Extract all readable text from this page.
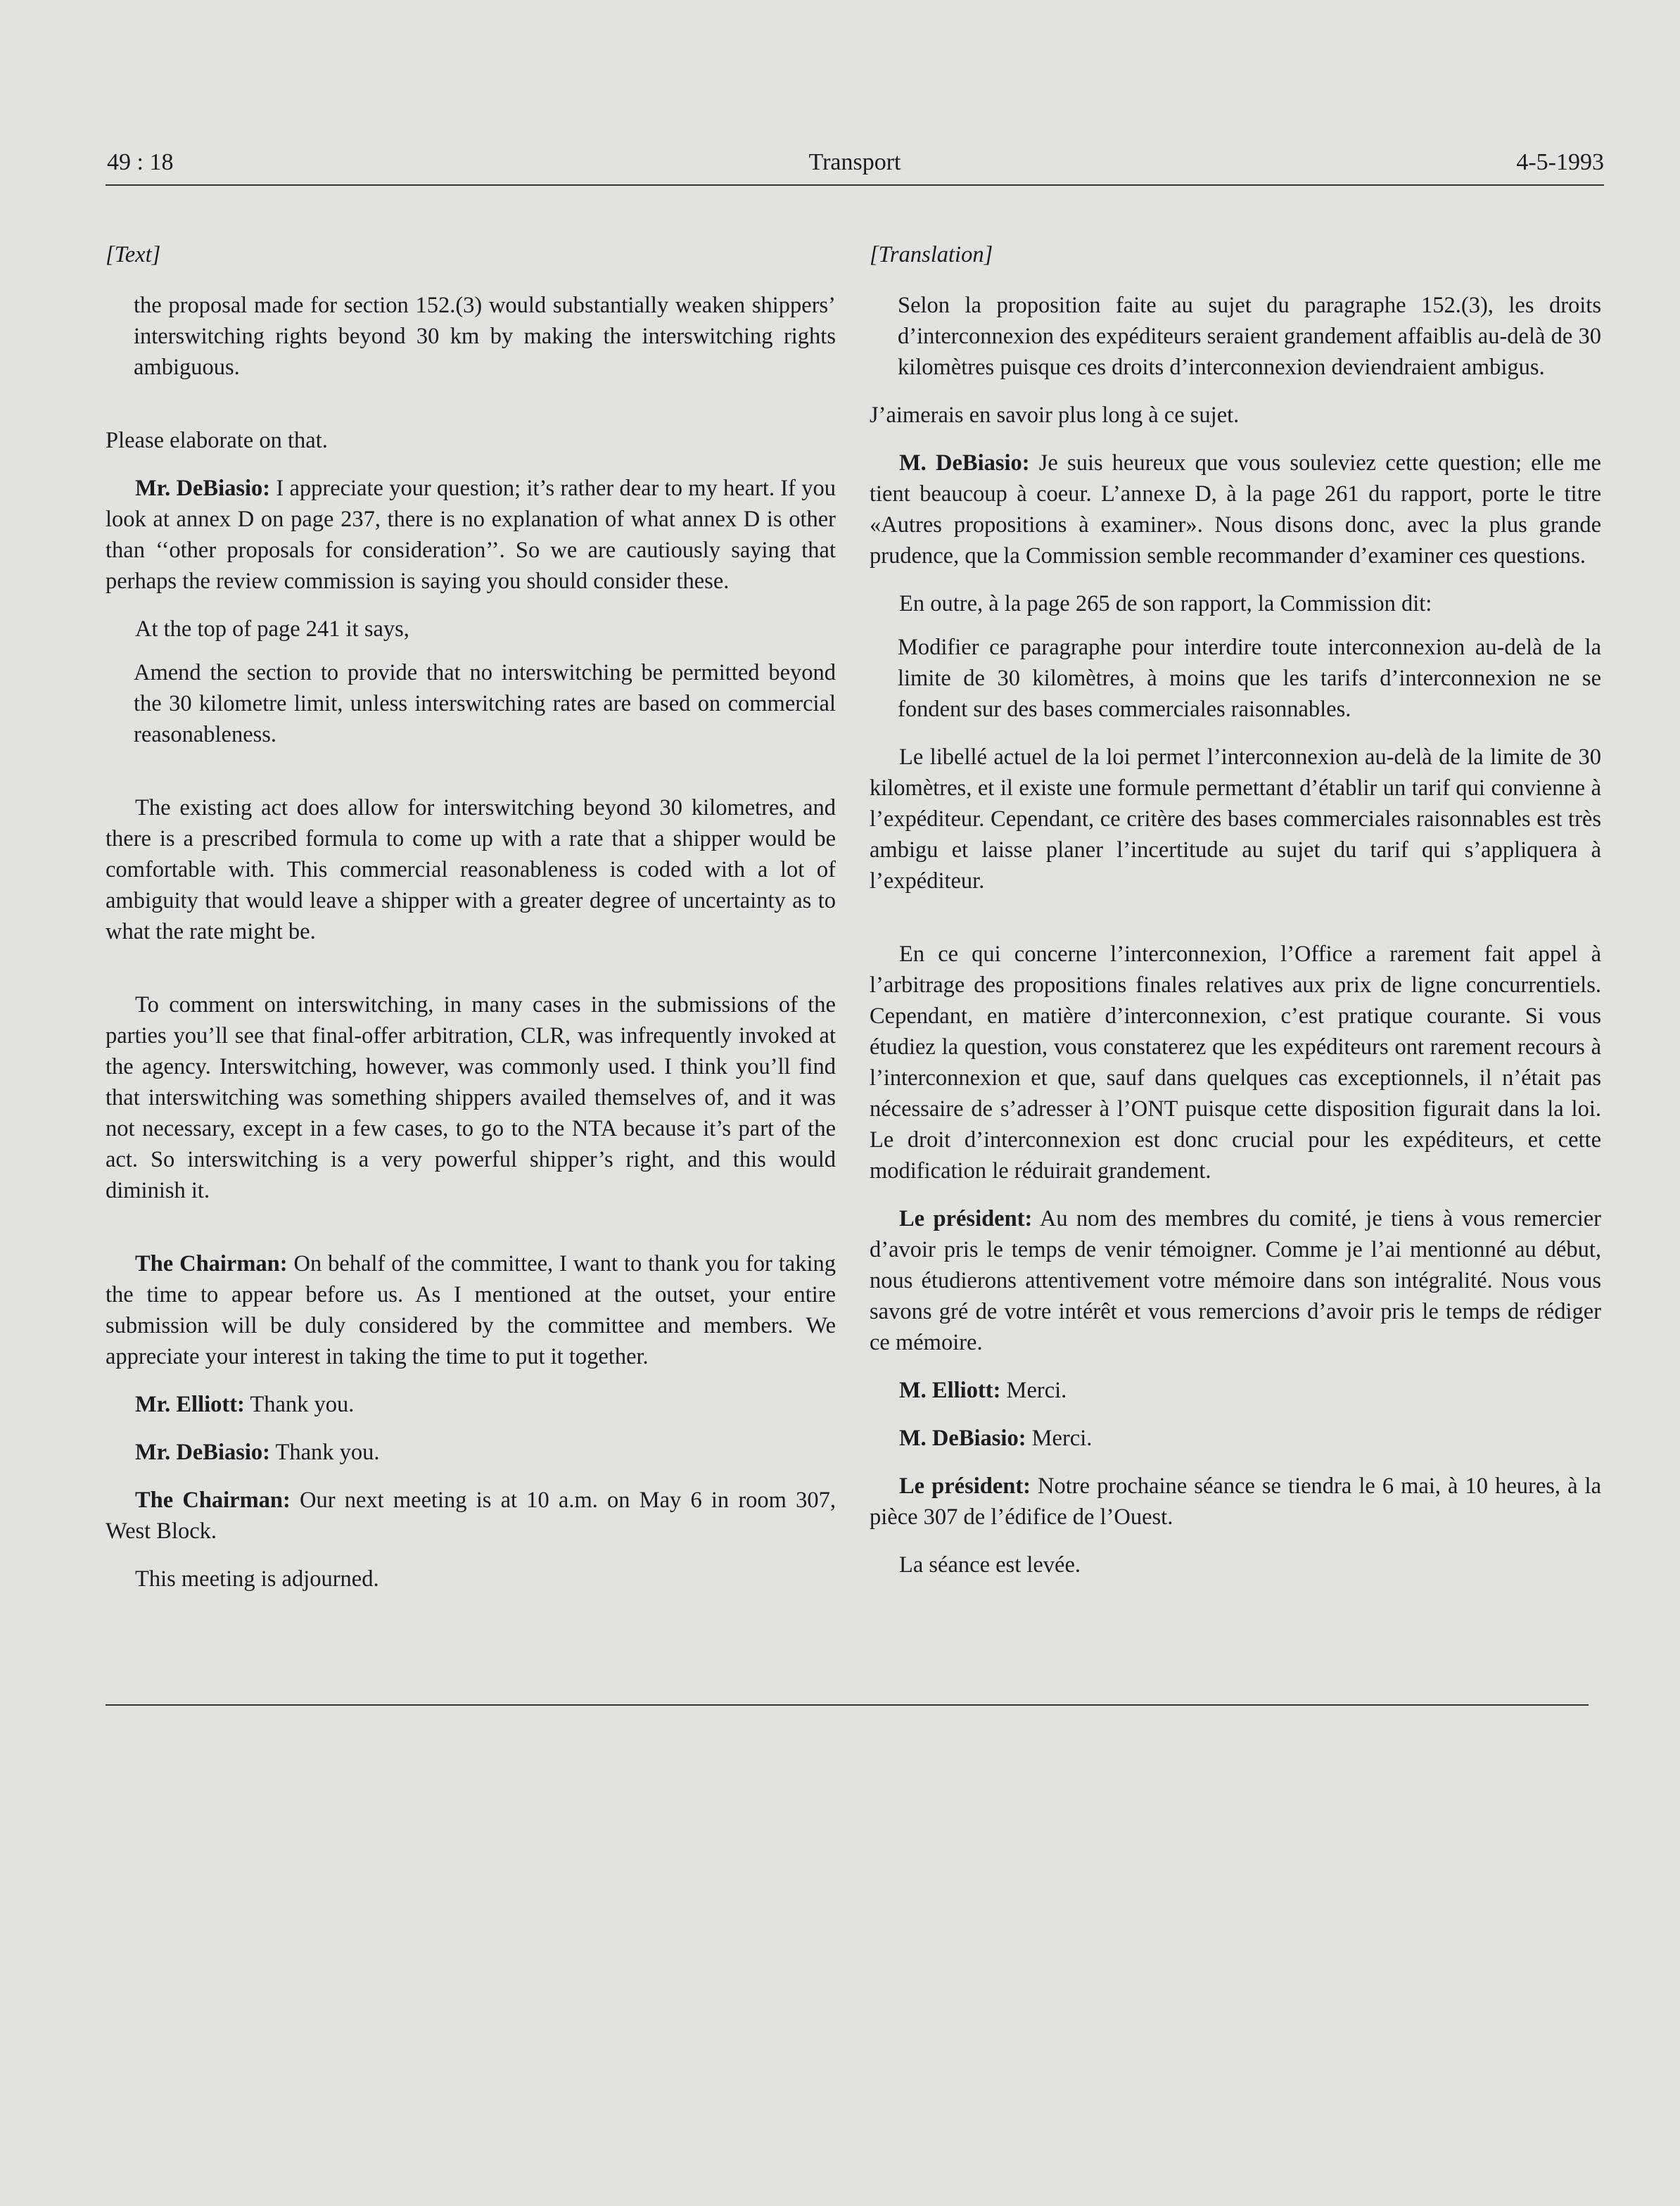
49 : 18	Transport	4-5-1993
[Text]

the proposal made for section 152.(3) would substantially weaken shippers’ interswitching rights beyond 30 km by making the interswitching rights ambiguous.

Please elaborate on that.

Mr. DeBiasio: I appreciate your question; it’s rather dear to my heart. If you look at annex D on page 237, there is no explanation of what annex D is other than ‘‘other proposals for consideration’’. So we are cautiously saying that perhaps the review commission is saying you should consider these.

At the top of page 241 it says,

Amend the section to provide that no interswitching be permitted beyond the 30 kilometre limit, unless interswitching rates are based on commercial reasonableness.

The existing act does allow for interswitching beyond 30 kilometres, and there is a prescribed formula to come up with a rate that a shipper would be comfortable with. This commercial reasonableness is coded with a lot of ambiguity that would leave a shipper with a greater degree of uncertainty as to what the rate might be.

To comment on interswitching, in many cases in the submissions of the parties you’ll see that final-offer arbitration, CLR, was infrequently invoked at the agency. Interswitching, however, was commonly used. I think you’ll find that interswitching was something shippers availed themselves of, and it was not necessary, except in a few cases, to go to the NTA because it’s part of the act. So interswitching is a very powerful shipper’s right, and this would diminish it.

The Chairman: On behalf of the committee, I want to thank you for taking the time to appear before us. As I mentioned at the outset, your entire submission will be duly considered by the committee and members. We appreciate your interest in taking the time to put it together.

Mr. Elliott: Thank you.

Mr. DeBiasio: Thank you.

The Chairman: Our next meeting is at 10 a.m. on May 6 in room 307, West Block.

This meeting is adjourned.

[Translation]

Selon la proposition faite au sujet du paragraphe 152.(3), les droits d’interconnexion des expéditeurs seraient grandement affaiblis au-delà de 30 kilomètres puisque ces droits d’interconnexion deviendraient ambigus.

J’aimerais en savoir plus long à ce sujet.

M. DeBiasio: Je suis heureux que vous souleviez cette question; elle me tient beaucoup à coeur. L’annexe D, à la page 261 du rapport, porte le titre «Autres propositions à examiner». Nous disons donc, avec la plus grande prudence, que la Commission semble recommander d’examiner ces questions.

En outre, à la page 265 de son rapport, la Commission dit:

Modifier ce paragraphe pour interdire toute interconnexion au-delà de la limite de 30 kilomètres, à moins que les tarifs d’interconnexion ne se fondent sur des bases commerciales raisonnables.

Le libellé actuel de la loi permet l’interconnexion au-delà de la limite de 30 kilomètres, et il existe une formule permettant d’établir un tarif qui convienne à l’expéditeur. Cependant, ce critère des bases commerciales raisonnables est très ambigu et laisse planer l’incertitude au sujet du tarif qui s’appliquera à l’expéditeur.

En ce qui concerne l’interconnexion, l’Office a rarement fait appel à l’arbitrage des propositions finales relatives aux prix de ligne concurrentiels. Cependant, en matière d’interconnexion, c’est pratique courante. Si vous étudiez la question, vous constaterez que les expéditeurs ont rarement recours à l’interconnexion et que, sauf dans quelques cas exceptionnels, il n’était pas nécessaire de s’adresser à l’ONT puisque cette disposition figurait dans la loi. Le droit d’interconnexion est donc crucial pour les expéditeurs, et cette modification le réduirait grandement.

Le président: Au nom des membres du comité, je tiens à vous remercier d’avoir pris le temps de venir témoigner. Comme je l’ai mentionné au début, nous étudierons attentivement votre mémoire dans son intégralité. Nous vous savons gré de votre intérêt et vous remercions d’avoir pris le temps de rédiger ce mémoire.

M. Elliott: Merci.

M. DeBiasio: Merci.

Le président: Notre prochaine séance se tiendra le 6 mai, à 10 heures, à la pièce 307 de l’édifice de l’Ouest.

La séance est levée.
